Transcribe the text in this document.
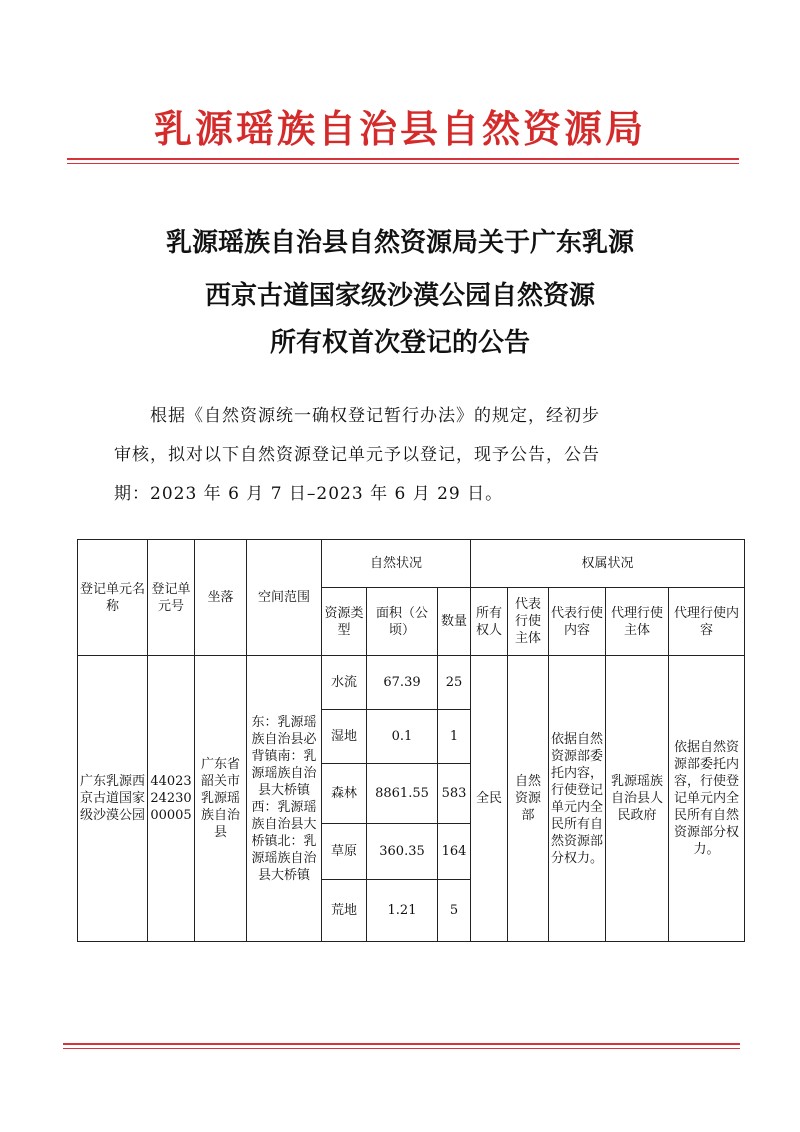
乳源瑶族自治县自然资源局
乳源瑶族自治县自然资源局关于广东乳源
西京古道国家级沙漠公园自然资源
所有权首次登记的公告
根据《自然资源统一确权登记暂行办法》的规定，经初步
审核，拟对以下自然资源登记单元予以登记，现予公告，公告
期：2023 年 6 月 7 日–2023 年 6 月 29 日。
登记单元名称	登记单元号	坐落	空间范围	自然状况			权属状况				
				资源类型	面积（公顷）	数量	所有权人	代表行使主体	代表行使内容	代理行使主体	代理行使内容
广东乳源西京古道国家级沙漠公园	440232423000005	广东省韶关市乳源瑶族自治县	东：乳源瑶族自治县必背镇南：乳源瑶族自治县大桥镇西：乳源瑶族自治县大桥镇北：乳源瑶族自治县大桥镇	水流	67.39	25	全民	自然资源部	依据自然资源部委托内容，行使登记单元内全民所有自然资源部分权力。	乳源瑶族自治县人民政府	依据自然资源部委托内容，行使登记单元内全民所有自然资源部分权力。
				湿地	0.1	1					
				森林	8861.55	583					
				草原	360.35	164					
				荒地	1.21	5					
